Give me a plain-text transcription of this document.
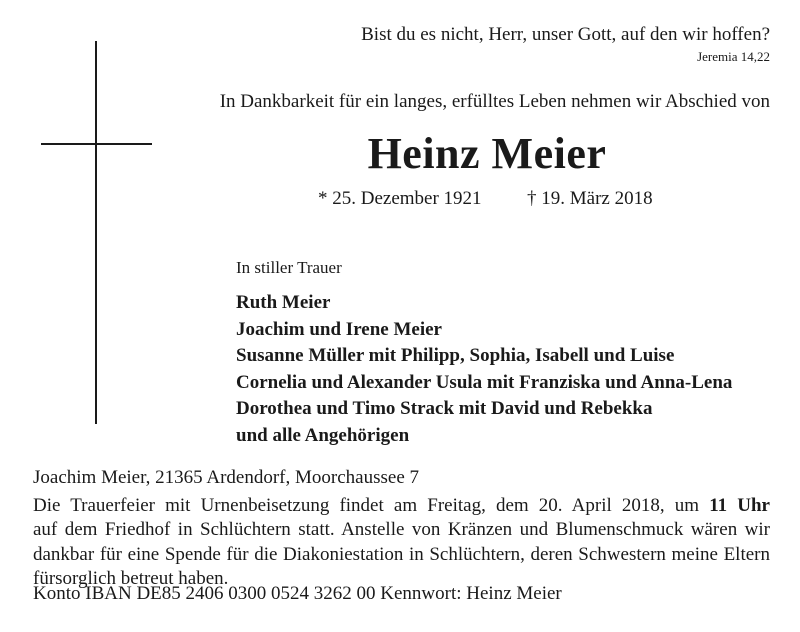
Bist du es nicht, Herr, unser Gott, auf den wir hoffen?
Jeremia 14,22
In Dankbarkeit für ein langes, erfülltes Leben nehmen wir Abschied von
Heinz Meier
* 25. Dezember 1921 † 19. März 2018
In stiller Trauer
Ruth Meier
Joachim und Irene Meier
Susanne Müller mit Philipp, Sophia, Isabell und Luise
Cornelia und Alexander Usula mit Franziska und Anna-Lena
Dorothea und Timo Strack mit David und Rebekka
und alle Angehörigen
Joachim Meier, 21365 Ardendorf, Moorchaussee 7

Die Trauerfeier mit Urnenbeisetzung findet am Freitag, dem 20. April 2018, um 11 Uhr

auf dem Friedhof in Schlüchtern statt. Anstelle von Kränzen und Blumenschmuck wären wir

dankbar für eine Spende für die Diakoniestation in Schlüchtern, deren Schwestern meine Eltern

fürsorglich betreut haben.

Konto IBAN DE85 2406 0300 0524 3262 00 Kennwort: Heinz Meier
